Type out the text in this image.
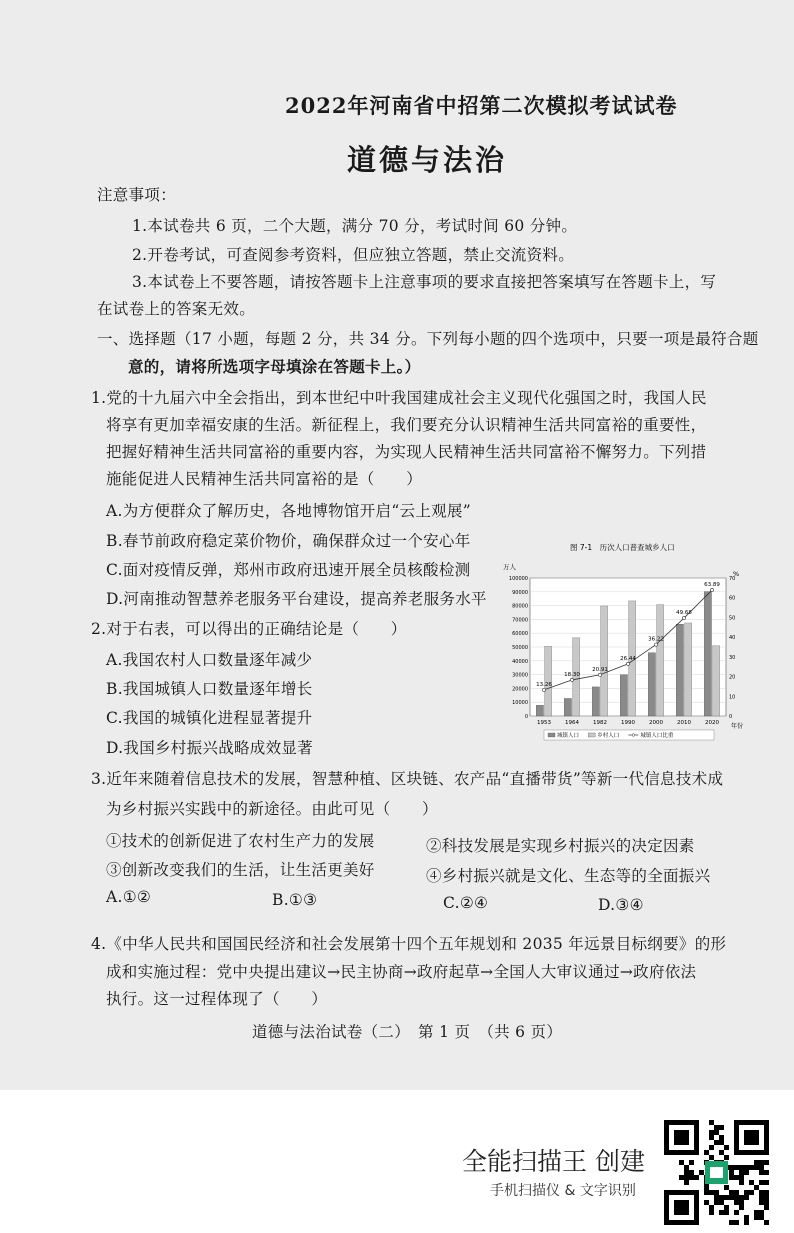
2022年河南省中招第二次模拟考试试卷
道德与法治
注意事项：
1.本试卷共 6 页，二个大题，满分 70 分，考试时间 60 分钟。
2.开卷考试，可查阅参考资料，但应独立答题，禁止交流资料。
3.本试卷上不要答题，请按答题卡上注意事项的要求直接把答案填写在答题卡上，写
在试卷上的答案无效。
一、选择题（17 小题，每题 2 分，共 34 分。下列每小题的四个选项中，只要一项是最符合题
意的，请将所选项字母填涂在答题卡上。）
1.党的十九届六中全会指出，到本世纪中叶我国建成社会主义现代化强国之时，我国人民
将享有更加幸福安康的生活。新征程上，我们要充分认识精神生活共同富裕的重要性，
把握好精神生活共同富裕的重要内容，为实现人民精神生活共同富裕不懈努力。下列措
施能促进人民精神生活共同富裕的是（　　）
A.为方便群众了解历史，各地博物馆开启“云上观展”
B.春节前政府稳定菜价物价，确保群众过一个安心年
C.面对疫情反弹，郑州市政府迅速开展全员核酸检测
D.河南推动智慧养老服务平台建设，提高养老服务水平
2.对于右表，可以得出的正确结论是（　　）
A.我国农村人口数量逐年减少
B.我国城镇人口数量逐年增长
C.我国的城镇化进程显著提升
D.我国乡村振兴战略成效显著
3.近年来随着信息技术的发展，智慧种植、区块链、农产品“直播带货”等新一代信息技术成
为乡村振兴实践中的新途径。由此可见（　　）
①技术的创新促进了农村生产力的发展	②科技发展是实现乡村振兴的决定因素
③创新改变我们的生活，让生活更美好	④乡村振兴就是文化、生态等的全面振兴
A.①②	B.①③	C.②④	D.③④
4.《中华人民共和国国民经济和社会发展第十四个五年规划和 2035 年远景目标纲要》的形
成和实施过程：党中央提出建议→民主协商→政府起草→全国人大审议通过→政府依法
执行。这一过程体现了（　　）
道德与法治试卷（二）　第 1 页　（共 6 页）
图 7-1　历次人口普查城乡人口
万人
%
年份
13.26
18.30
20.91
26.44
36.22
49.68
63.89
0
10000
20000
30000
40000
50000
60000
70000
80000
90000
100000
0
10
20
30
40
50
60
70
1953	1964	1982	1990	2000	2010	2020
城镇人口	乡村人口	城镇人口比重
全能扫描王 创建
手机扫描仪 & 文字识别
